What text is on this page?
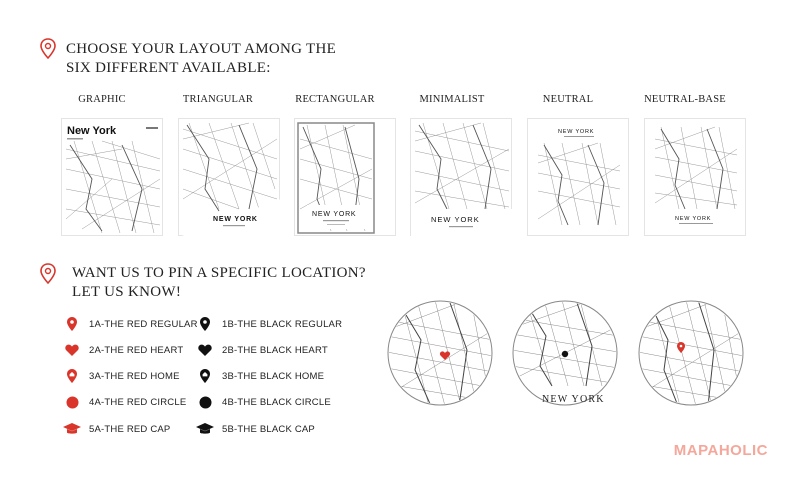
CHOOSE YOUR LAYOUT AMONG THE
SIX DIFFERENT AVAILABLE:
GRAPHIC	TRIANGULAR	RECTANGULAR	MINIMALIST	NEUTRAL	NEUTRAL-BASE
New York
NEW YORK
NEW YORK
NEW YORK
NEW YORK
NEW YORK
WANT US TO PIN A SPECIFIC LOCATION?
LET US KNOW!
1A-THE RED REGULAR
2A-THE RED HEART
3A-THE RED HOME
4A-THE RED CIRCLE
5A-THE RED CAP
1B-THE BLACK REGULAR
2B-THE BLACK HEART
3B-THE BLACK HOME
4B-THE BLACK CIRCLE
5B-THE BLACK CAP
NEW YORK
MAPAHOLIC
